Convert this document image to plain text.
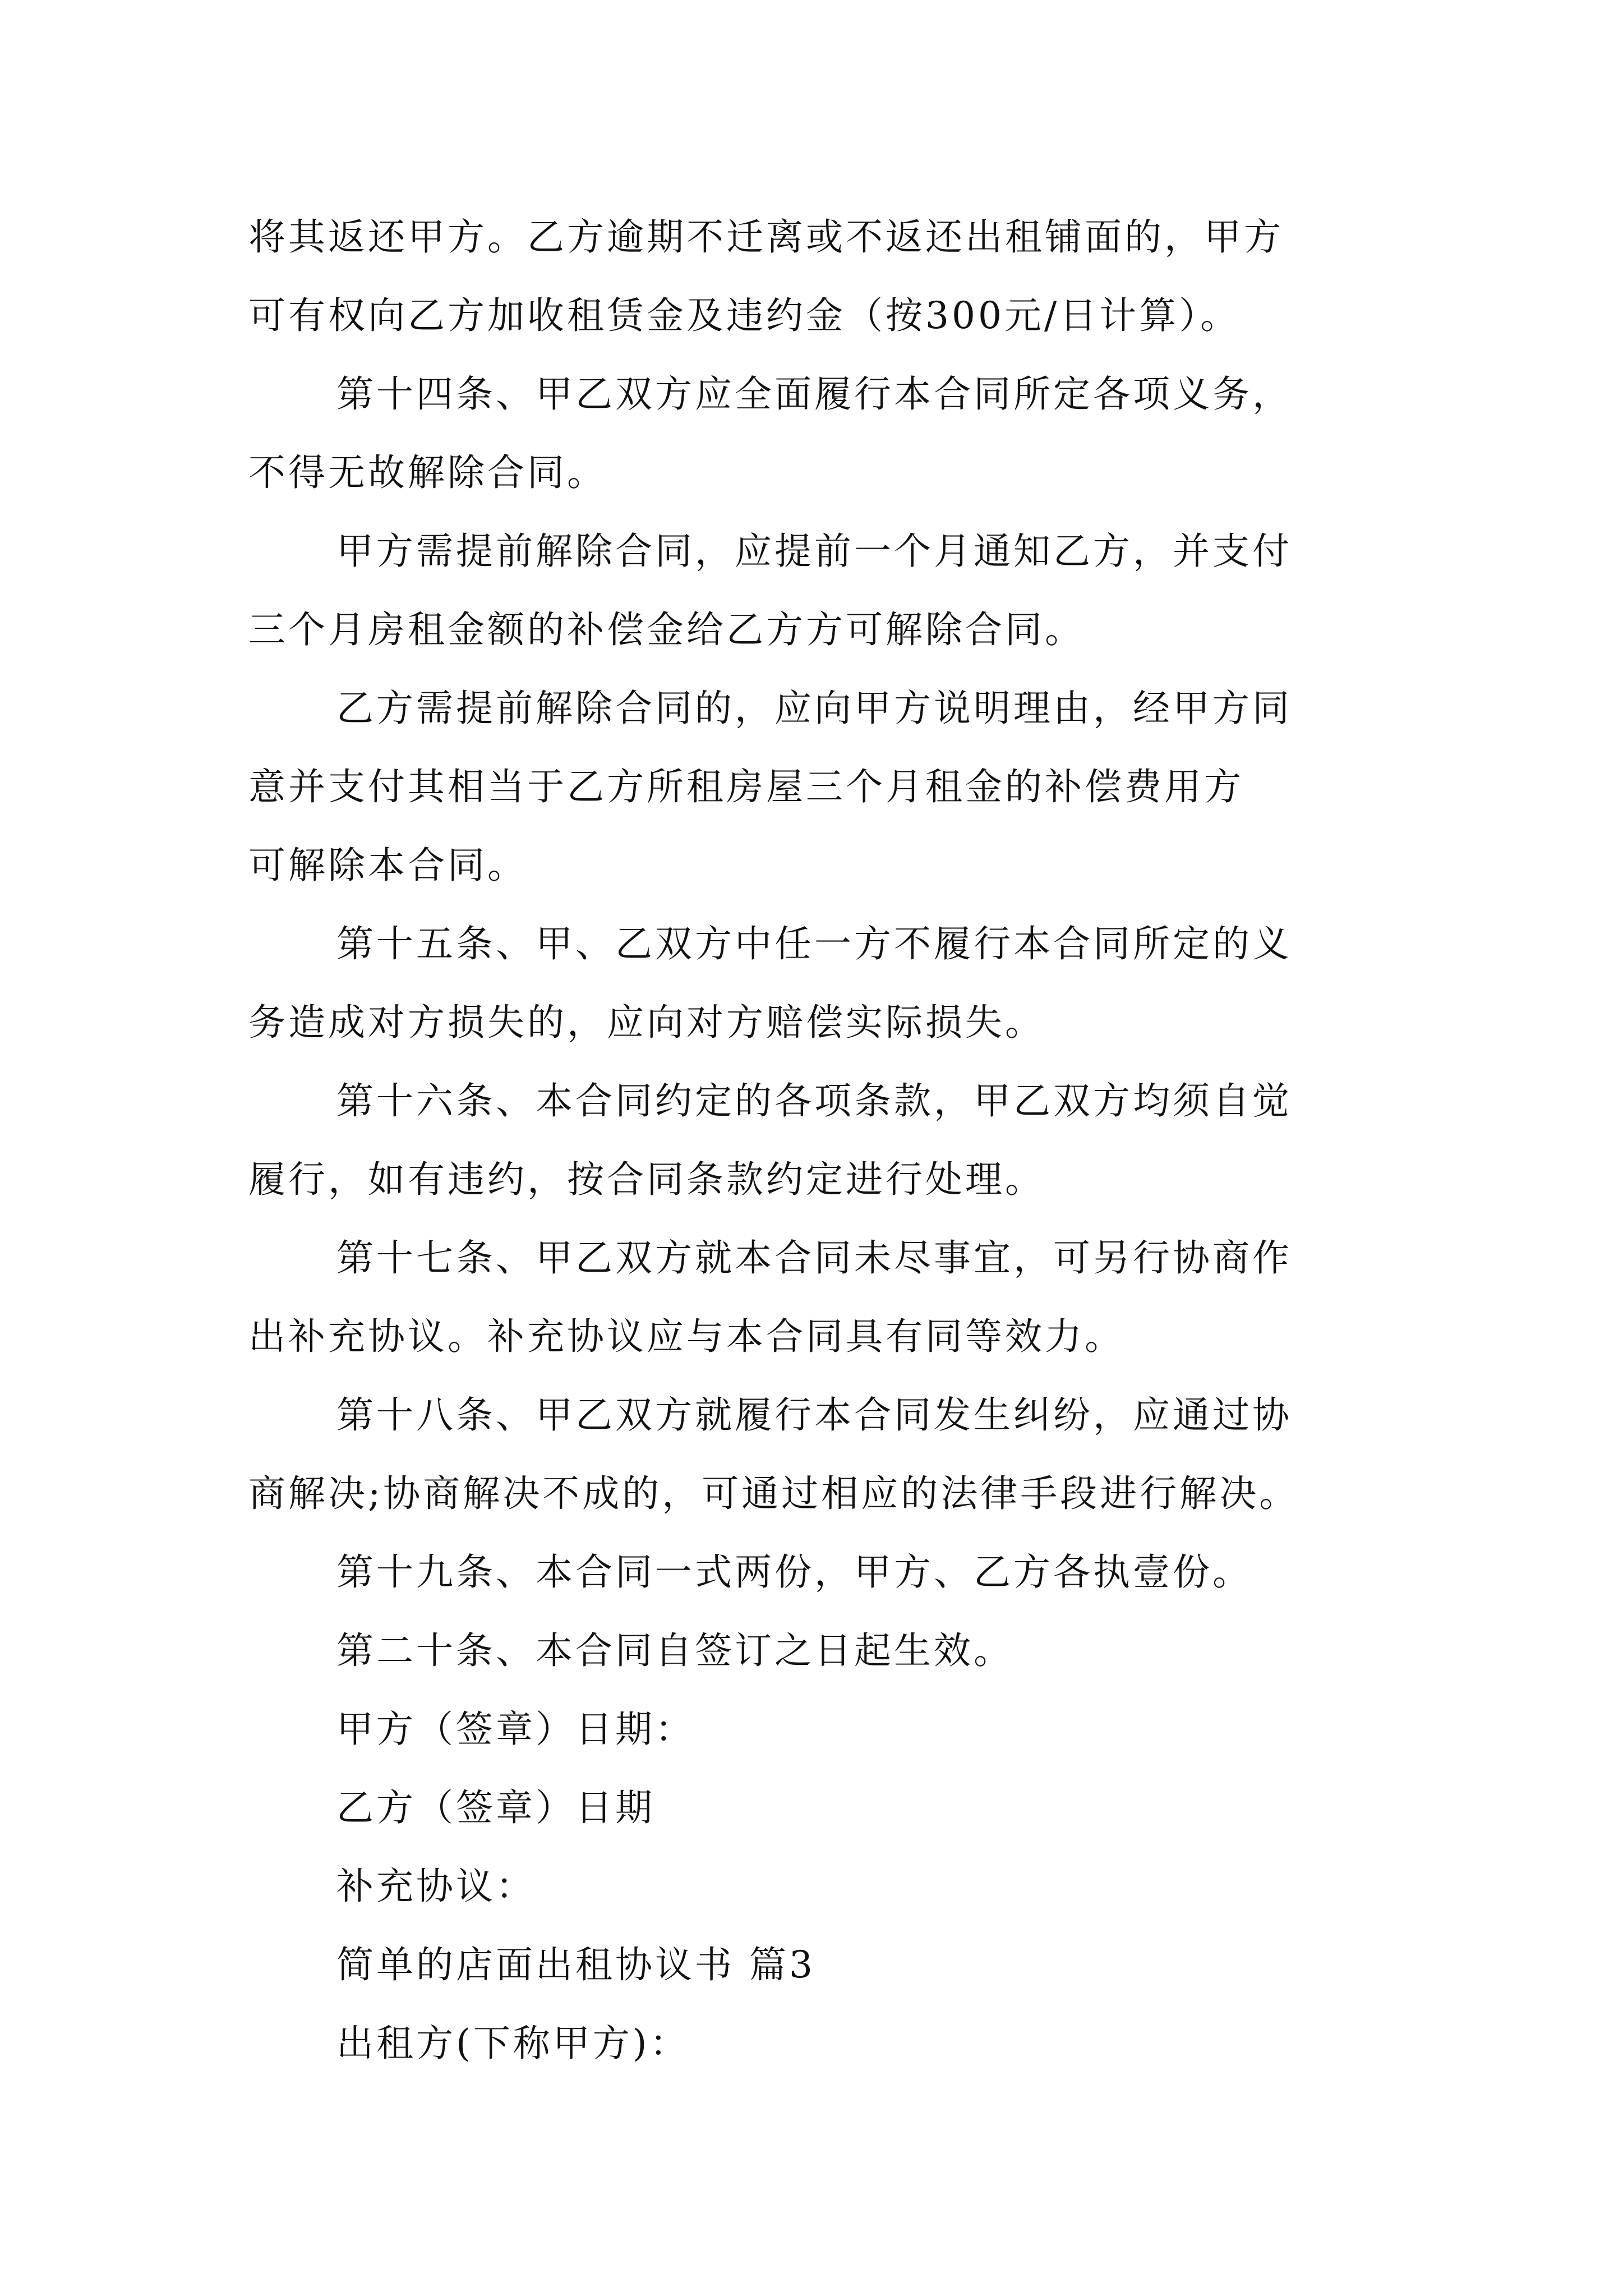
将其返还甲方。乙方逾期不迁离或不返还出租铺面的，甲方

可有权向乙方加收租赁金及违约金（按300元/日计算）。

第十四条、甲乙双方应全面履行本合同所定各项义务，

不得无故解除合同。

甲方需提前解除合同，应提前一个月通知乙方，并支付

三个月房租金额的补偿金给乙方方可解除合同。

乙方需提前解除合同的，应向甲方说明理由，经甲方同

意并支付其相当于乙方所租房屋三个月租金的补偿费用方

可解除本合同。

第十五条、甲、乙双方中任一方不履行本合同所定的义

务造成对方损失的，应向对方赔偿实际损失。

第十六条、本合同约定的各项条款，甲乙双方均须自觉

履行，如有违约，按合同条款约定进行处理。

第十七条、甲乙双方就本合同未尽事宜，可另行协商作

出补充协议。补充协议应与本合同具有同等效力。

第十八条、甲乙双方就履行本合同发生纠纷，应通过协

商解决;协商解决不成的，可通过相应的法律手段进行解决。

第十九条、本合同一式两份，甲方、乙方各执壹份。

第二十条、本合同自签订之日起生效。

甲方（签章）日期：

乙方（签章）日期

补充协议：

简单的店面出租协议书 篇3

出租方(下称甲方)：
